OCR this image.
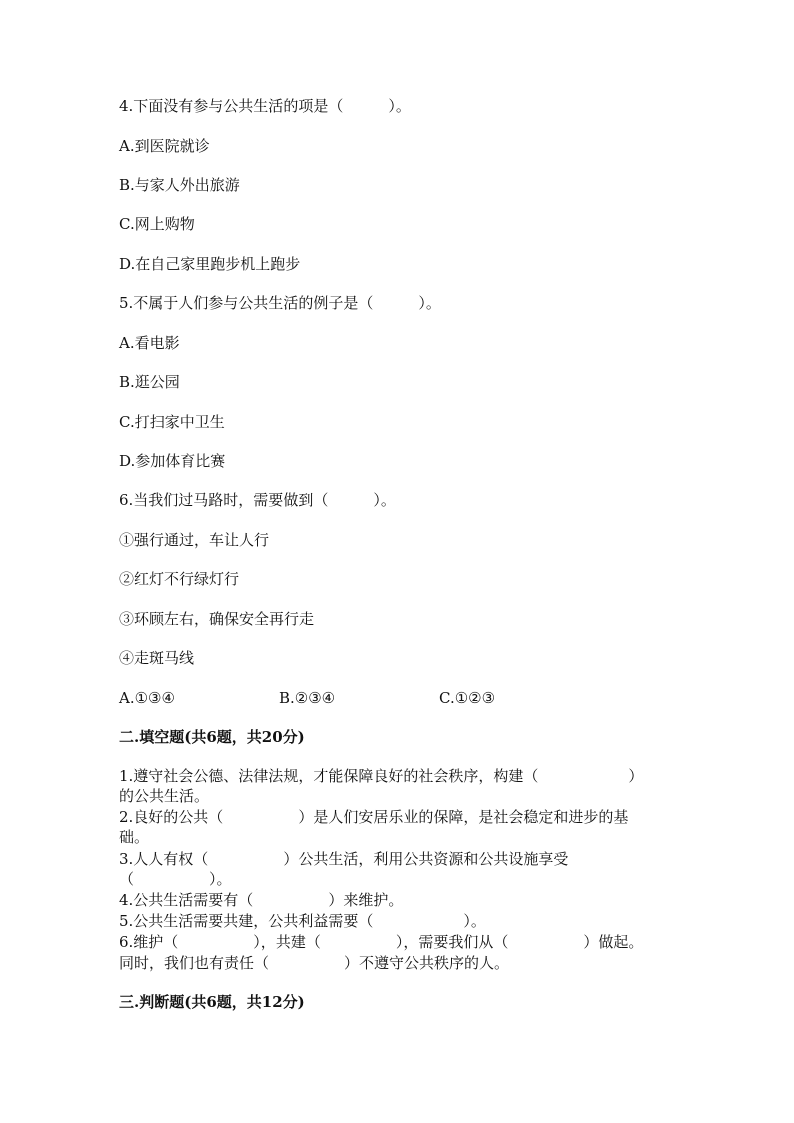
4.下面没有参与公共生活的项是（　　　）。
A.到医院就诊
B.与家人外出旅游
C.网上购物
D.在自己家里跑步机上跑步
5.不属于人们参与公共生活的例子是（　　　）。
A.看电影
B.逛公园
C.打扫家中卫生
D.参加体育比赛
6.当我们过马路时，需要做到（　　　）。
①强行通过，车让人行
②红灯不行绿灯行
③环顾左右，确保安全再行走
④走斑马线
A.①③④	B.②③④	C.①②③
二.填空题(共6题，共20分)
1.遵守社会公德、法律法规，才能保障良好的社会秩序，构建（　　　　　　）
的公共生活。
2.良好的公共（　　　　　）是人们安居乐业的保障，是社会稳定和进步的基
础。
3.人人有权（　　　　　）公共生活，利用公共资源和公共设施享受
（　　　　　）。
4.公共生活需要有（　　　　　）来维护。
5.公共生活需要共建，公共利益需要（　　　　　　）。
6.维护（　　　　　），共建（　　　　　），需要我们从（　　　　　）做起。
同时，我们也有责任（　　　　　）不遵守公共秩序的人。
三.判断题(共6题，共12分)
